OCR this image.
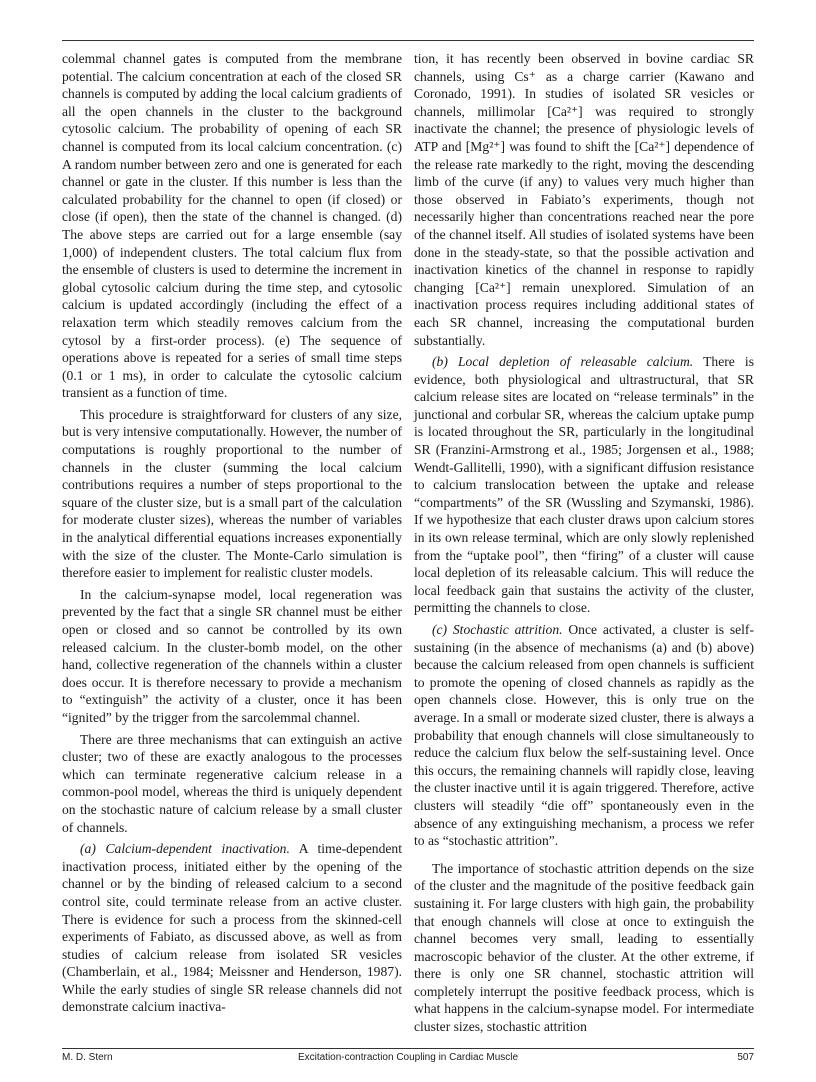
colemmal channel gates is computed from the membrane potential. The calcium concentration at each of the closed SR channels is computed by adding the local calcium gradients of all the open channels in the cluster to the background cytosolic calcium. The probability of opening of each SR channel is computed from its local calcium concentration. (c) A random number between zero and one is generated for each channel or gate in the cluster. If this number is less than the calculated probability for the channel to open (if closed) or close (if open), then the state of the channel is changed. (d) The above steps are carried out for a large ensemble (say 1,000) of independent clusters. The total calcium flux from the ensemble of clusters is used to determine the increment in global cytosolic calcium during the time step, and cytosolic calcium is updated accordingly (including the effect of a relaxation term which steadily removes calcium from the cytosol by a first-order process). (e) The sequence of operations above is repeated for a series of small time steps (0.1 or 1 ms), in order to calculate the cytosolic calcium transient as a function of time.

This procedure is straightforward for clusters of any size, but is very intensive computationally. However, the number of computations is roughly proportional to the number of channels in the cluster (summing the local calcium contributions requires a number of steps proportional to the square of the cluster size, but is a small part of the calculation for moderate cluster sizes), whereas the number of variables in the analytical differential equations increases exponentially with the size of the cluster. The Monte-Carlo simulation is therefore easier to implement for realistic cluster models.

In the calcium-synapse model, local regeneration was prevented by the fact that a single SR channel must be either open or closed and so cannot be controlled by its own released calcium. In the cluster-bomb model, on the other hand, collective regeneration of the channels within a cluster does occur. It is therefore necessary to provide a mechanism to “extinguish” the activity of a cluster, once it has been “ignited” by the trigger from the sarcolemmal channel.

There are three mechanisms that can extinguish an active cluster; two of these are exactly analogous to the processes which can terminate regenerative calcium release in a common-pool model, whereas the third is uniquely dependent on the stochastic nature of calcium release by a small cluster of channels.

(a) Calcium-dependent inactivation. A time-dependent inactivation process, initiated either by the opening of the channel or by the binding of released calcium to a second control site, could terminate release from an active cluster. There is evidence for such a process from the skinned-cell experiments of Fabiato, as discussed above, as well as from studies of calcium release from isolated SR vesicles (Chamberlain, et al., 1984; Meissner and Henderson, 1987). While the early studies of single SR release channels did not demonstrate calcium inactiva-

tion, it has recently been observed in bovine cardiac SR channels, using Cs⁺ as a charge carrier (Kawano and Coronado, 1991). In studies of isolated SR vesicles or channels, millimolar [Ca²⁺] was required to strongly inactivate the channel; the presence of physiologic levels of ATP and [Mg²⁺] was found to shift the [Ca²⁺] dependence of the release rate markedly to the right, moving the descending limb of the curve (if any) to values very much higher than those observed in Fabiato’s experiments, though not necessarily higher than concentrations reached near the pore of the channel itself. All studies of isolated systems have been done in the steady-state, so that the possible activation and inactivation kinetics of the channel in response to rapidly changing [Ca²⁺] remain unexplored. Simulation of an inactivation process requires including additional states of each SR channel, increasing the computational burden substantially.

(b) Local depletion of releasable calcium. There is evidence, both physiological and ultrastructural, that SR calcium release sites are located on “release terminals” in the junctional and corbular SR, whereas the calcium uptake pump is located throughout the SR, particularly in the longitudinal SR (Franzini-Armstrong et al., 1985; Jorgensen et al., 1988; Wendt-Gallitelli, 1990), with a significant diffusion resistance to calcium translocation between the uptake and release “compartments” of the SR (Wussling and Szymanski, 1986). If we hypothesize that each cluster draws upon calcium stores in its own release terminal, which are only slowly replenished from the “uptake pool”, then “firing” of a cluster will cause local depletion of its releasable calcium. This will reduce the local feedback gain that sustains the activity of the cluster, permitting the channels to close.

(c) Stochastic attrition. Once activated, a cluster is self-sustaining (in the absence of mechanisms (a) and (b) above) because the calcium released from open channels is sufficient to promote the opening of closed channels as rapidly as the open channels close. However, this is only true on the average. In a small or moderate sized cluster, there is always a probability that enough channels will close simultaneously to reduce the calcium flux below the self-sustaining level. Once this occurs, the remaining channels will rapidly close, leaving the cluster inactive until it is again triggered. Therefore, active clusters will steadily “die off” spontaneously even in the absence of any extinguishing mechanism, a process we refer to as “stochastic attrition”.

The importance of stochastic attrition depends on the size of the cluster and the magnitude of the positive feedback gain sustaining it. For large clusters with high gain, the probability that enough channels will close at once to extinguish the channel becomes very small, leading to essentially macroscopic behavior of the cluster. At the other extreme, if there is only one SR channel, stochastic attrition will completely interrupt the positive feedback process, which is what happens in the calcium-synapse model. For intermediate cluster sizes, stochastic attrition

M. D. Stern	Excitation-contraction Coupling in Cardiac Muscle	507
